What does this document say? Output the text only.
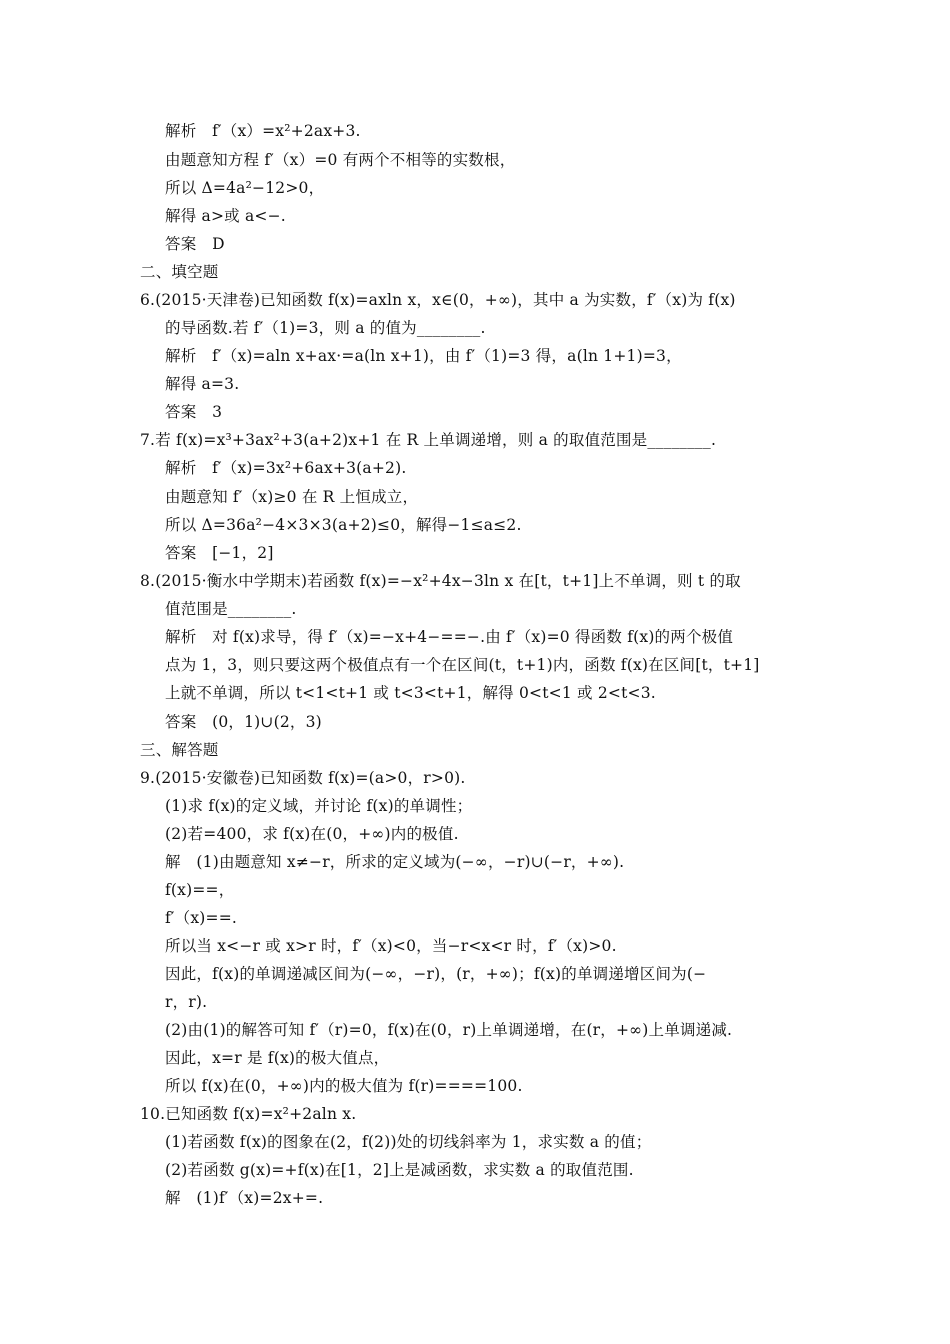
解析　f′（x）=x²+2ax+3.
由题意知方程 f′（x）=0 有两个不相等的实数根，
所以 Δ=4a²−12>0，
解得 a>或 a<−.
答案　D
二、填空题
6.(2015·天津卷)已知函数 f(x)=axln x，x∈(0，+∞)，其中 a 为实数，f′（x)为 f(x)
的导函数.若 f′（1)=3，则 a 的值为________.
解析　f′（x)=aln x+ax·=a(ln x+1)，由 f′（1)=3 得，a(ln 1+1)=3，
解得 a=3.
答案　3
7.若 f(x)=x³+3ax²+3(a+2)x+1 在 R 上单调递增，则 a 的取值范围是________.
解析　f′（x)=3x²+6ax+3(a+2).
由题意知 f′（x)≥0 在 R 上恒成立，
所以 Δ=36a²−4×3×3(a+2)≤0，解得−1≤a≤2.
答案　[−1，2]
8.(2015·衡水中学期末)若函数 f(x)=−x²+4x−3ln x 在[t，t+1]上不单调，则 t 的取
值范围是________.
解析　对 f(x)求导，得 f′（x)=−x+4−==−.由 f′（x)=0 得函数 f(x)的两个极值
点为 1，3，则只要这两个极值点有一个在区间(t，t+1)内，函数 f(x)在区间[t，t+1]
上就不单调，所以 t<1<t+1 或 t<3<t+1，解得 0<t<1 或 2<t<3.
答案　(0，1)∪(2，3)
三、解答题
9.(2015·安徽卷)已知函数 f(x)=(a>0，r>0).
(1)求 f(x)的定义域，并讨论 f(x)的单调性；
(2)若=400，求 f(x)在(0，+∞)内的极值.
解　(1)由题意知 x≠−r，所求的定义域为(−∞，−r)∪(−r，+∞).
f(x)==，
f′（x)==.
所以当 x<−r 或 x>r 时，f′（x)<0，当−r<x<r 时，f′（x)>0.
因此，f(x)的单调递减区间为(−∞，−r)，(r，+∞)；f(x)的单调递增区间为(−
r，r).
(2)由(1)的解答可知 f′（r)=0，f(x)在(0，r)上单调递增，在(r，+∞)上单调递减.
因此，x=r 是 f(x)的极大值点，
所以 f(x)在(0，+∞)内的极大值为 f(r)====100.
10.已知函数 f(x)=x²+2aln x.
(1)若函数 f(x)的图象在(2，f(2))处的切线斜率为 1，求实数 a 的值；
(2)若函数 g(x)=+f(x)在[1，2]上是减函数，求实数 a 的取值范围.
解　(1)f′（x)=2x+=.
